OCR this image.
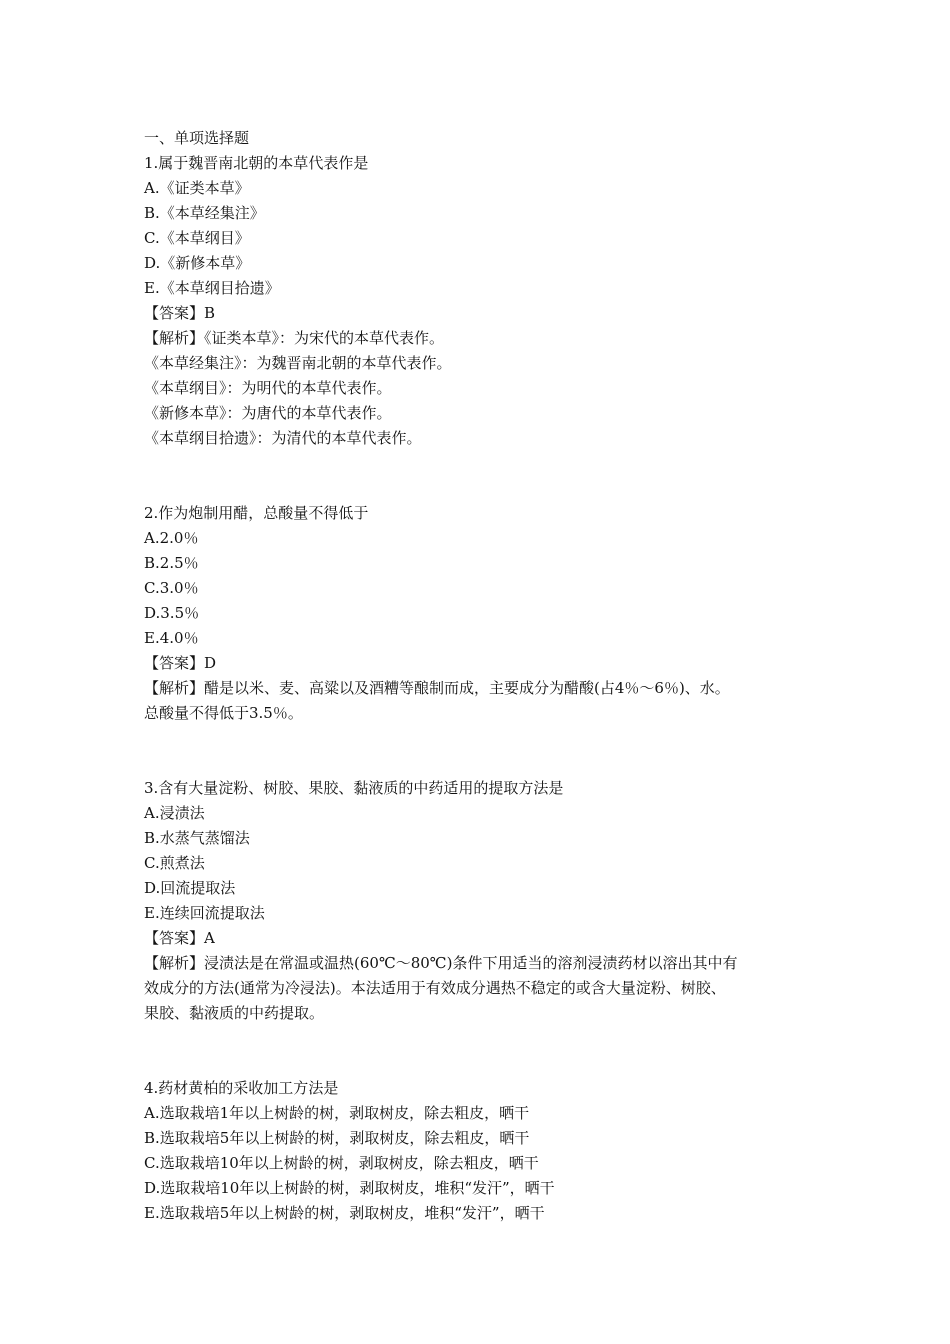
一、单项选择题
1.属于魏晋南北朝的本草代表作是
A.《证类本草》
B.《本草经集注》
C.《本草纲目》
D.《新修本草》
E.《本草纲目拾遗》
【答案】B
【解析】《证类本草》：为宋代的本草代表作。
《本草经集注》：为魏晋南北朝的本草代表作。
《本草纲目》：为明代的本草代表作。
《新修本草》：为唐代的本草代表作。
《本草纲目拾遗》：为清代的本草代表作。
2.作为炮制用醋，总酸量不得低于
A.2.0％
B.2.5％
C.3.0％
D.3.5％
E.4.0％
【答案】D
【解析】醋是以米、麦、高粱以及酒糟等酿制而成，主要成分为醋酸(占4％～6％)、水。
总酸量不得低于3.5％。
3.含有大量淀粉、树胶、果胶、黏液质的中药适用的提取方法是
A.浸渍法
B.水蒸气蒸馏法
C.煎煮法
D.回流提取法
E.连续回流提取法
【答案】A
【解析】浸渍法是在常温或温热(60℃～80℃)条件下用适当的溶剂浸渍药材以溶出其中有
效成分的方法(通常为冷浸法)。本法适用于有效成分遇热不稳定的或含大量淀粉、树胶、
果胶、黏液质的中药提取。
4.药材黄柏的采收加工方法是
A.选取栽培1年以上树龄的树，剥取树皮，除去粗皮，晒干
B.选取栽培5年以上树龄的树，剥取树皮，除去粗皮，晒干
C.选取栽培10年以上树龄的树，剥取树皮，除去粗皮，晒干
D.选取栽培10年以上树龄的树，剥取树皮，堆积“发汗”，晒干
E.选取栽培5年以上树龄的树，剥取树皮，堆积“发汗”，晒干
